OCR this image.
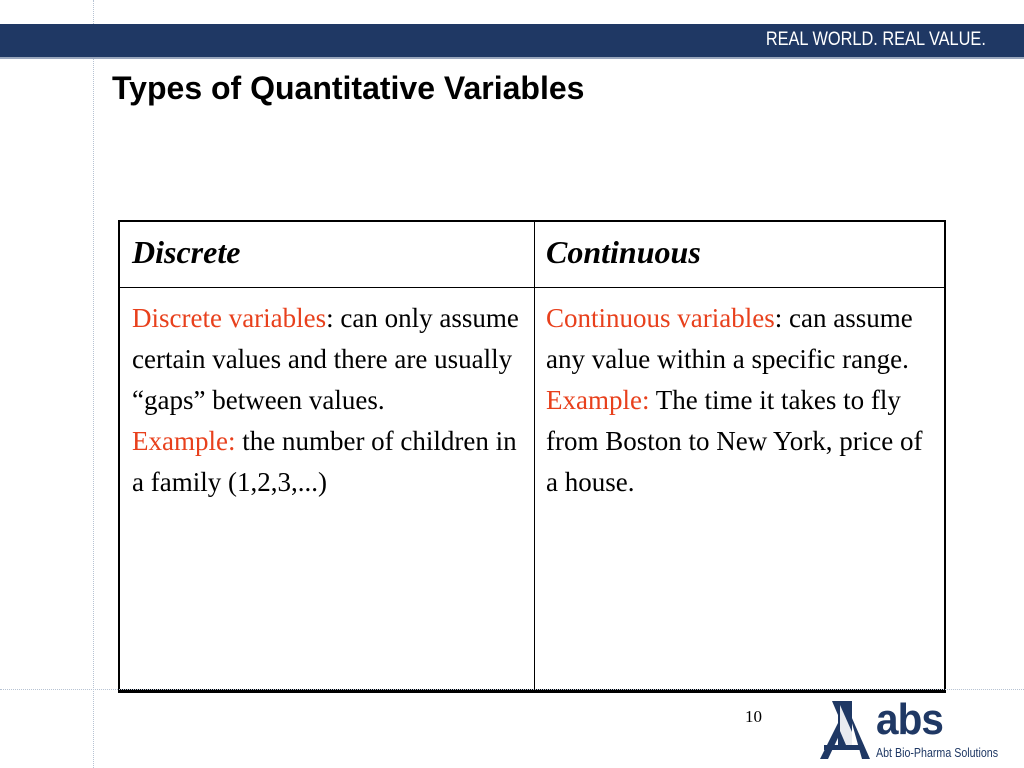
REAL WORLD. REAL VALUE.
Types of Quantitative Variables
Discrete	Continuous
Discrete variables: can only assume certain values and there are usually “gaps” between values.
Example: the number of children in a family (1,2,3,...)
Continuous variables: can assume any value within a specific range.
Example: The time it takes to fly from Boston to New York, price of a house.
10	abs
Abt Bio-Pharma Solutions
